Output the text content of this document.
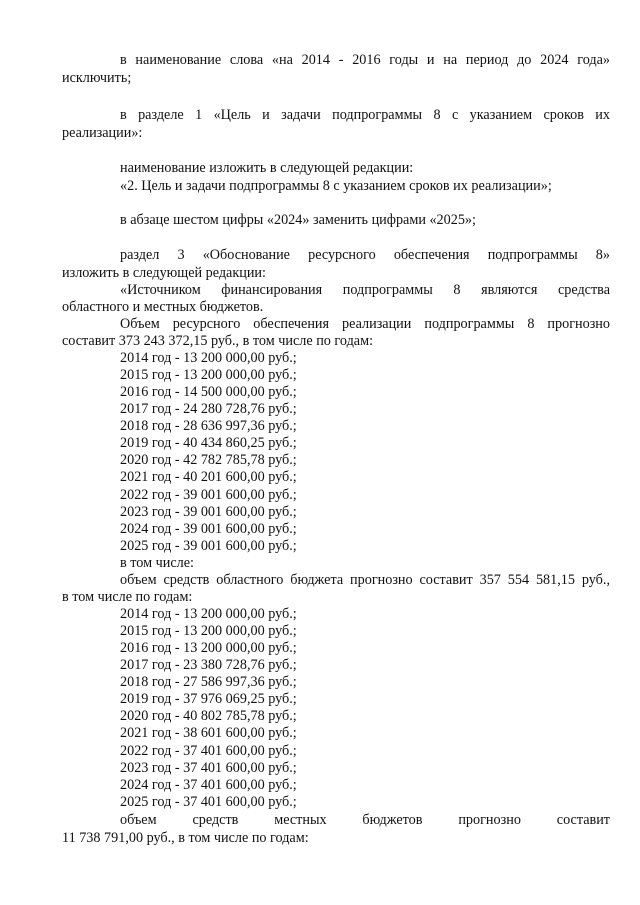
в наименование слова «на 2014 - 2016 годы и на период до 2024 года»
исключить;
в разделе 1 «Цель и задачи подпрограммы 8 с указанием сроков их
реализации»:
наименование изложить в следующей редакции:
«2. Цель и задачи подпрограммы 8 с указанием сроков их реализации»;
в абзаце шестом цифры «2024» заменить цифрами «2025»;
раздел 3 «Обоснование ресурсного обеспечения подпрограммы 8»
изложить в следующей редакции:
«Источником финансирования подпрограммы 8 являются средства
областного и местных бюджетов.
Объем ресурсного обеспечения реализации подпрограммы 8 прогнозно
составит 373 243 372,15 руб., в том числе по годам:
2014 год - 13 200 000,00 руб.;
2015 год - 13 200 000,00 руб.;
2016 год - 14 500 000,00 руб.;
2017 год - 24 280 728,76 руб.;
2018 год - 28 636 997,36 руб.;
2019 год - 40 434 860,25 руб.;
2020 год - 42 782 785,78 руб.;
2021 год - 40 201 600,00 руб.;
2022 год - 39 001 600,00 руб.;
2023 год - 39 001 600,00 руб.;
2024 год - 39 001 600,00 руб.;
2025 год - 39 001 600,00 руб.;
в том числе:
объем средств областного бюджета прогнозно составит 357 554 581,15 руб.,
в том числе по годам:
2014 год - 13 200 000,00 руб.;
2015 год - 13 200 000,00 руб.;
2016 год - 13 200 000,00 руб.;
2017 год - 23 380 728,76 руб.;
2018 год - 27 586 997,36 руб.;
2019 год - 37 976 069,25 руб.;
2020 год - 40 802 785,78 руб.;
2021 год - 38 601 600,00 руб.;
2022 год - 37 401 600,00 руб.;
2023 год - 37 401 600,00 руб.;
2024 год - 37 401 600,00 руб.;
2025 год - 37 401 600,00 руб.;
объем средств местных бюджетов прогнозно составит
11 738 791,00 руб., в том числе по годам:
